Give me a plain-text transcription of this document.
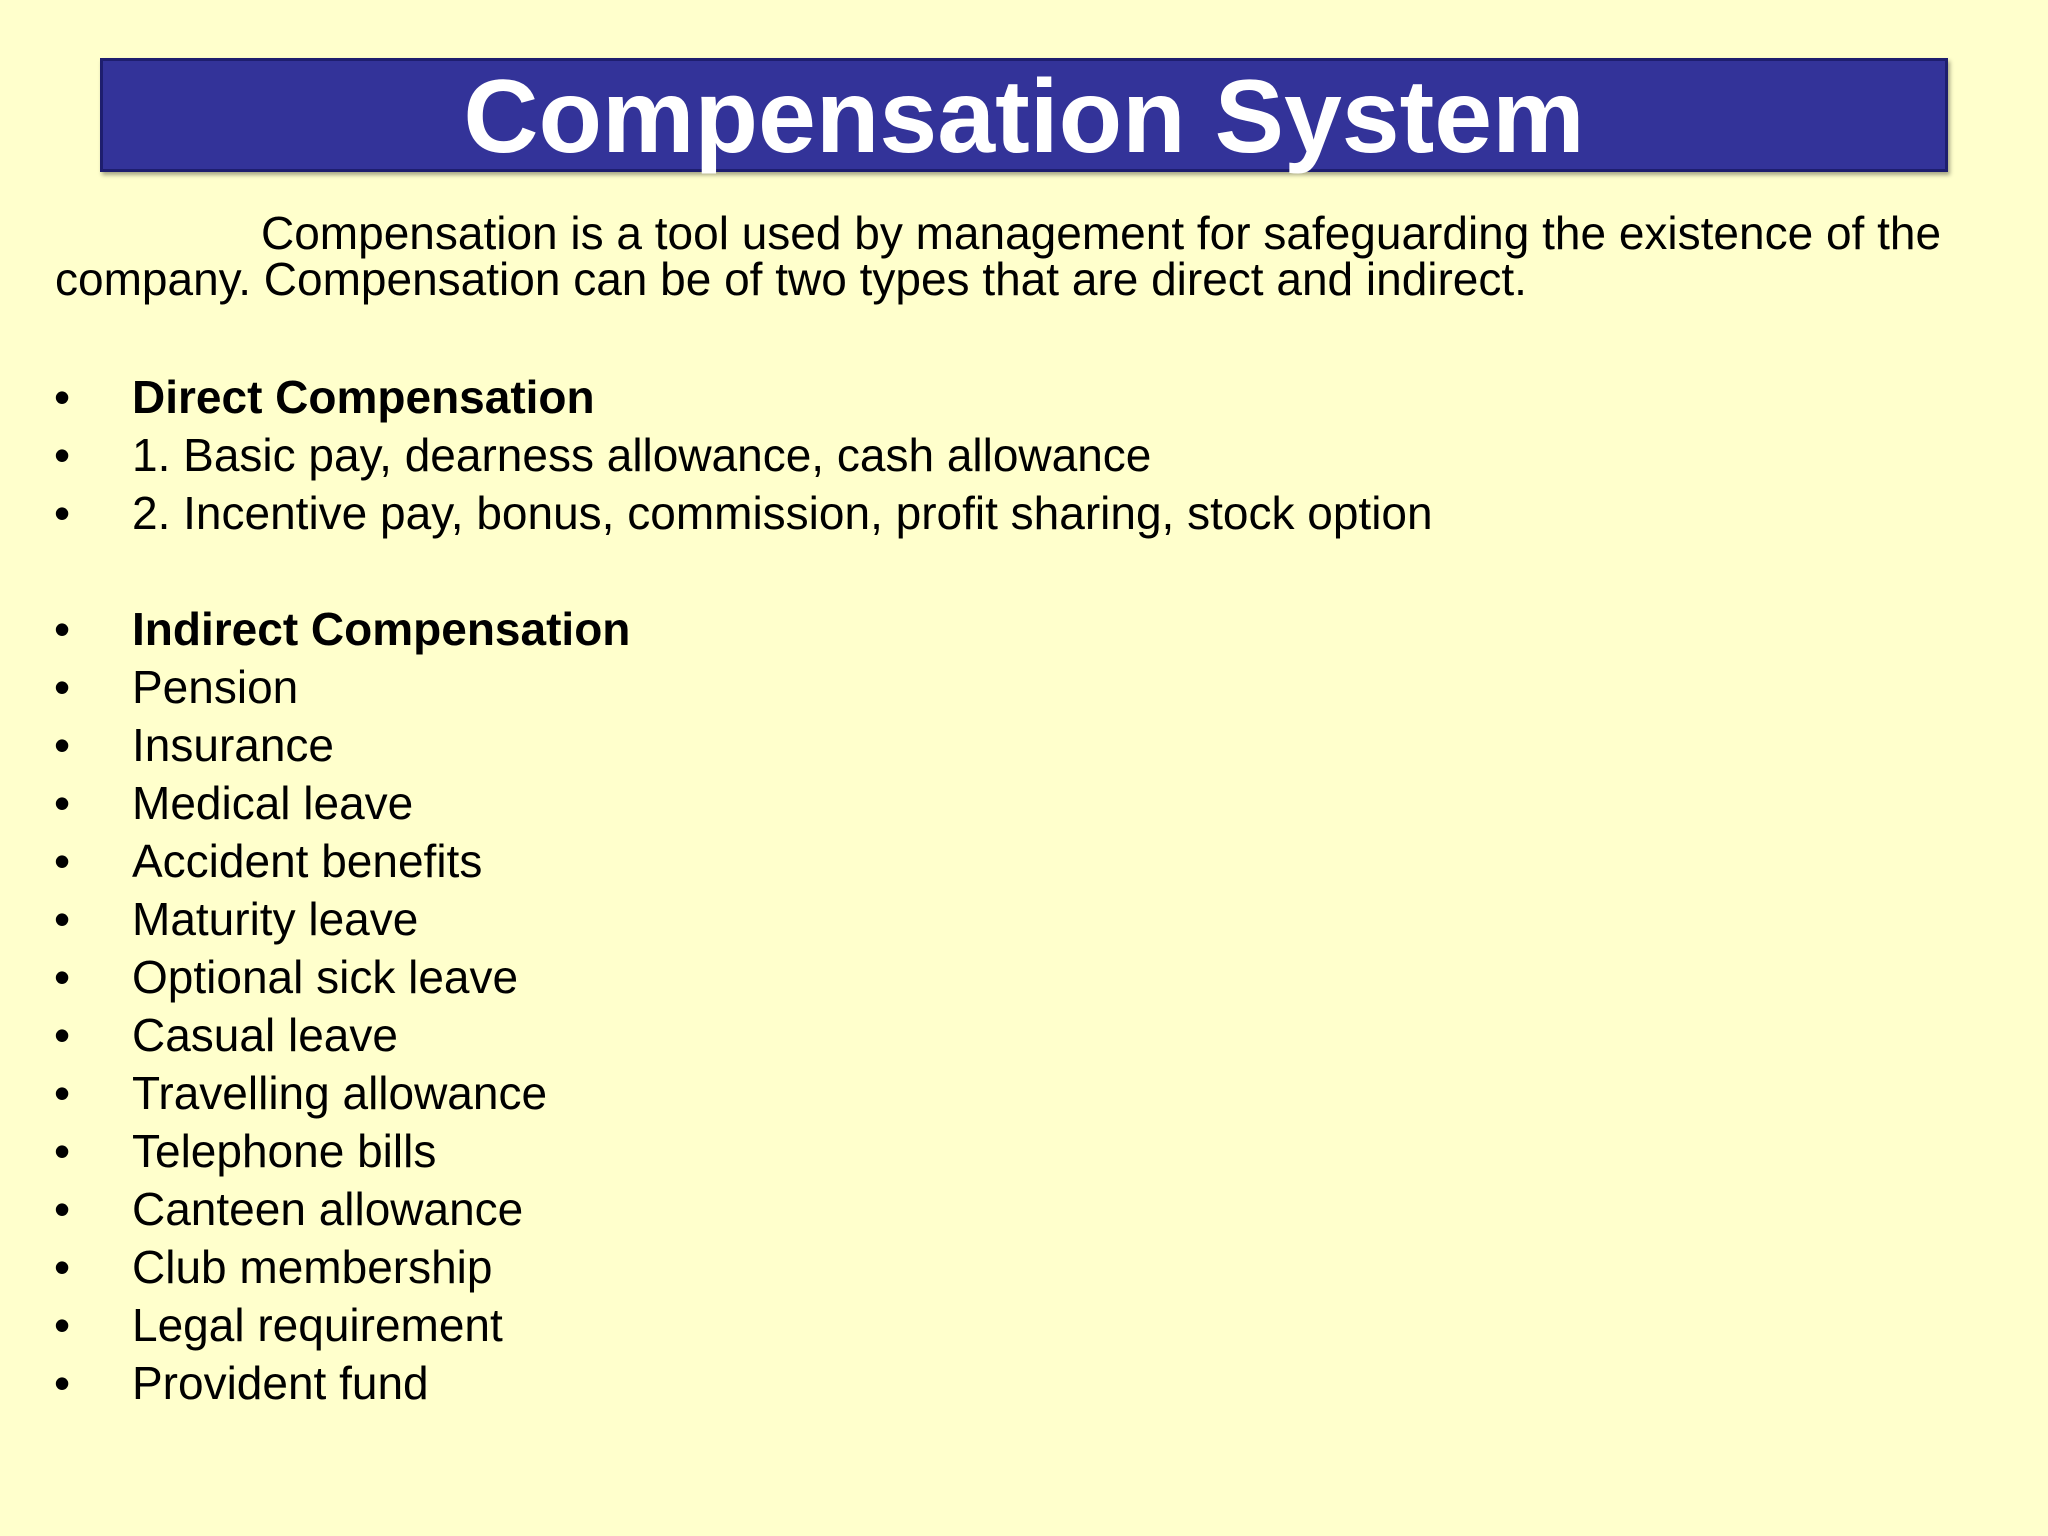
Compensation System
Compensation is a tool used by management for safeguarding the existence of the company. Compensation can be of two types that are direct and indirect.
• Direct Compensation
• 1. Basic pay, dearness allowance, cash allowance
• 2. Incentive pay, bonus, commission, profit sharing, stock option
• Indirect Compensation
• Pension
• Insurance
• Medical leave
• Accident benefits
• Maturity leave
• Optional sick leave
• Casual leave
• Travelling allowance
• Telephone bills
• Canteen allowance
• Club membership
• Legal requirement
• Provident fund
